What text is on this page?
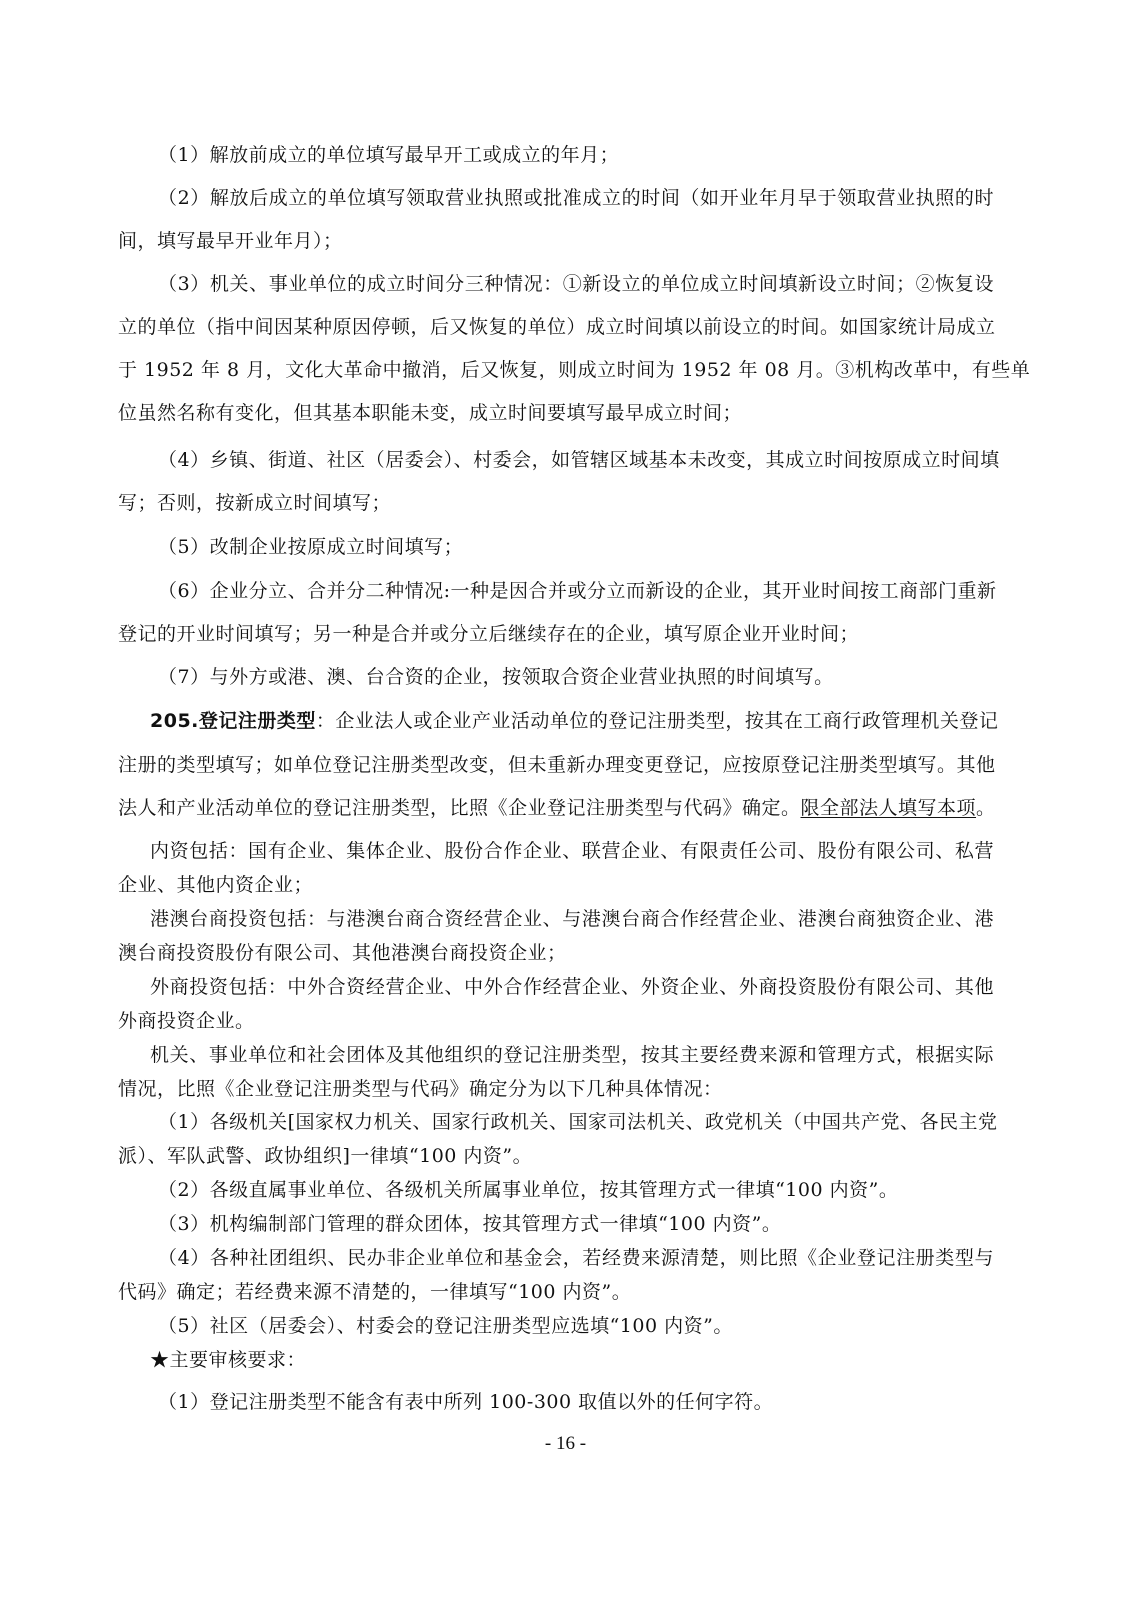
（1）解放前成立的单位填写最早开工或成立的年月；
（2）解放后成立的单位填写领取营业执照或批准成立的时间（如开业年月早于领取营业执照的时
间，填写最早开业年月）；
（3）机关、事业单位的成立时间分三种情况：①新设立的单位成立时间填新设立时间；②恢复设
立的单位（指中间因某种原因停顿，后又恢复的单位）成立时间填以前设立的时间。如国家统计局成立
于 1952 年 8 月，文化大革命中撤消，后又恢复，则成立时间为 1952 年 08 月。③机构改革中，有些单
位虽然名称有变化，但其基本职能未变，成立时间要填写最早成立时间；
（4）乡镇、街道、社区（居委会）、村委会，如管辖区域基本未改变，其成立时间按原成立时间填
写；否则，按新成立时间填写；
（5）改制企业按原成立时间填写；
（6）企业分立、合并分二种情况:一种是因合并或分立而新设的企业，其开业时间按工商部门重新
登记的开业时间填写；另一种是合并或分立后继续存在的企业，填写原企业开业时间；
（7）与外方或港、澳、台合资的企业，按领取合资企业营业执照的时间填写。
205.登记注册类型：企业法人或企业产业活动单位的登记注册类型，按其在工商行政管理机关登记
注册的类型填写；如单位登记注册类型改变，但未重新办理变更登记，应按原登记注册类型填写。其他
法人和产业活动单位的登记注册类型，比照《企业登记注册类型与代码》确定。限全部法人填写本项。
内资包括：国有企业、集体企业、股份合作企业、联营企业、有限责任公司、股份有限公司、私营
企业、其他内资企业；
港澳台商投资包括：与港澳台商合资经营企业、与港澳台商合作经营企业、港澳台商独资企业、港
澳台商投资股份有限公司、其他港澳台商投资企业；
外商投资包括：中外合资经营企业、中外合作经营企业、外资企业、外商投资股份有限公司、其他
外商投资企业。
机关、事业单位和社会团体及其他组织的登记注册类型，按其主要经费来源和管理方式，根据实际
情况，比照《企业登记注册类型与代码》确定分为以下几种具体情况：
（1）各级机关[国家权力机关、国家行政机关、国家司法机关、政党机关（中国共产党、各民主党
派）、军队武警、政协组织]一律填“100 内资”。
（2）各级直属事业单位、各级机关所属事业单位，按其管理方式一律填“100 内资”。
（3）机构编制部门管理的群众团体，按其管理方式一律填“100 内资”。
（4）各种社团组织、民办非企业单位和基金会，若经费来源清楚，则比照《企业登记注册类型与
代码》确定；若经费来源不清楚的，一律填写“100 内资”。
（5）社区（居委会）、村委会的登记注册类型应选填“100 内资”。
★主要审核要求：
（1）登记注册类型不能含有表中所列 100-300 取值以外的任何字符。
- 16 -
